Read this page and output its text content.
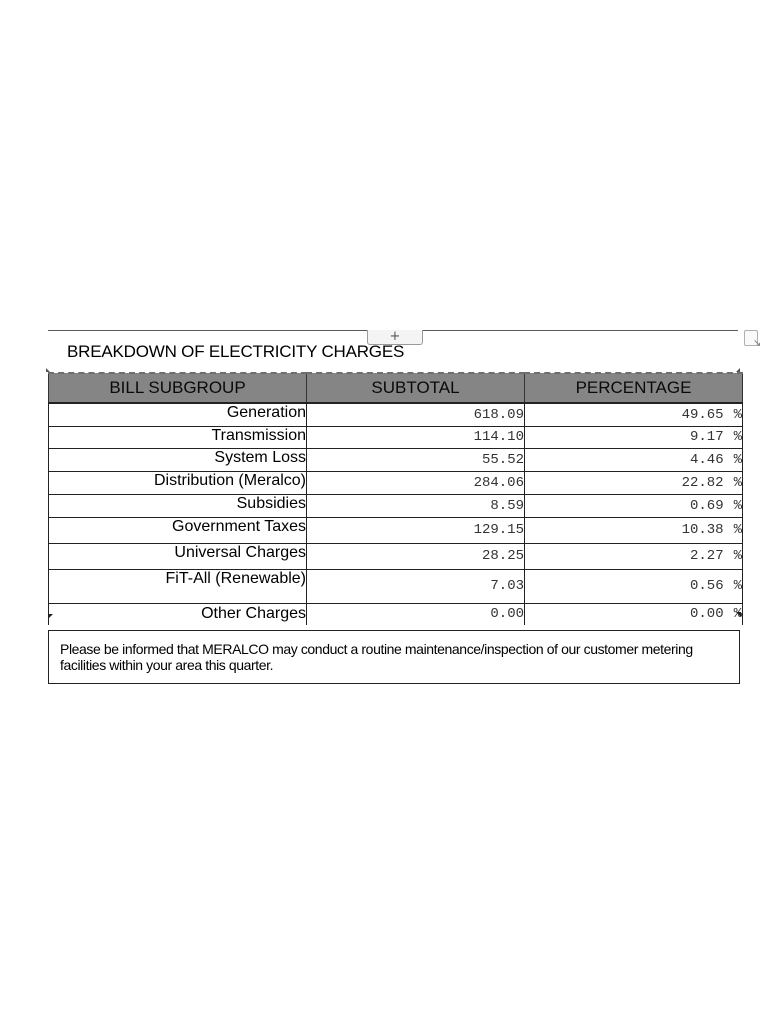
+	↘
BREAKDOWN OF ELECTRICITY CHARGES
BILL SUBGROUP	SUBTOTAL	PERCENTAGE
Generation	618.09	49.65 %
Transmission	114.10	9.17 %
System Loss	55.52	4.46 %
Distribution (Meralco)	284.06	22.82 %
Subsidies	8.59	0.69 %
Government Taxes	129.15	10.38 %
Universal Charges	28.25	2.27 %
FiT-All (Renewable)	7.03	0.56 %
Other Charges	0.00	0.00 %
Please be informed that MERALCO may conduct a routine maintenance/inspection of our customer metering facilities within your area this quarter.
